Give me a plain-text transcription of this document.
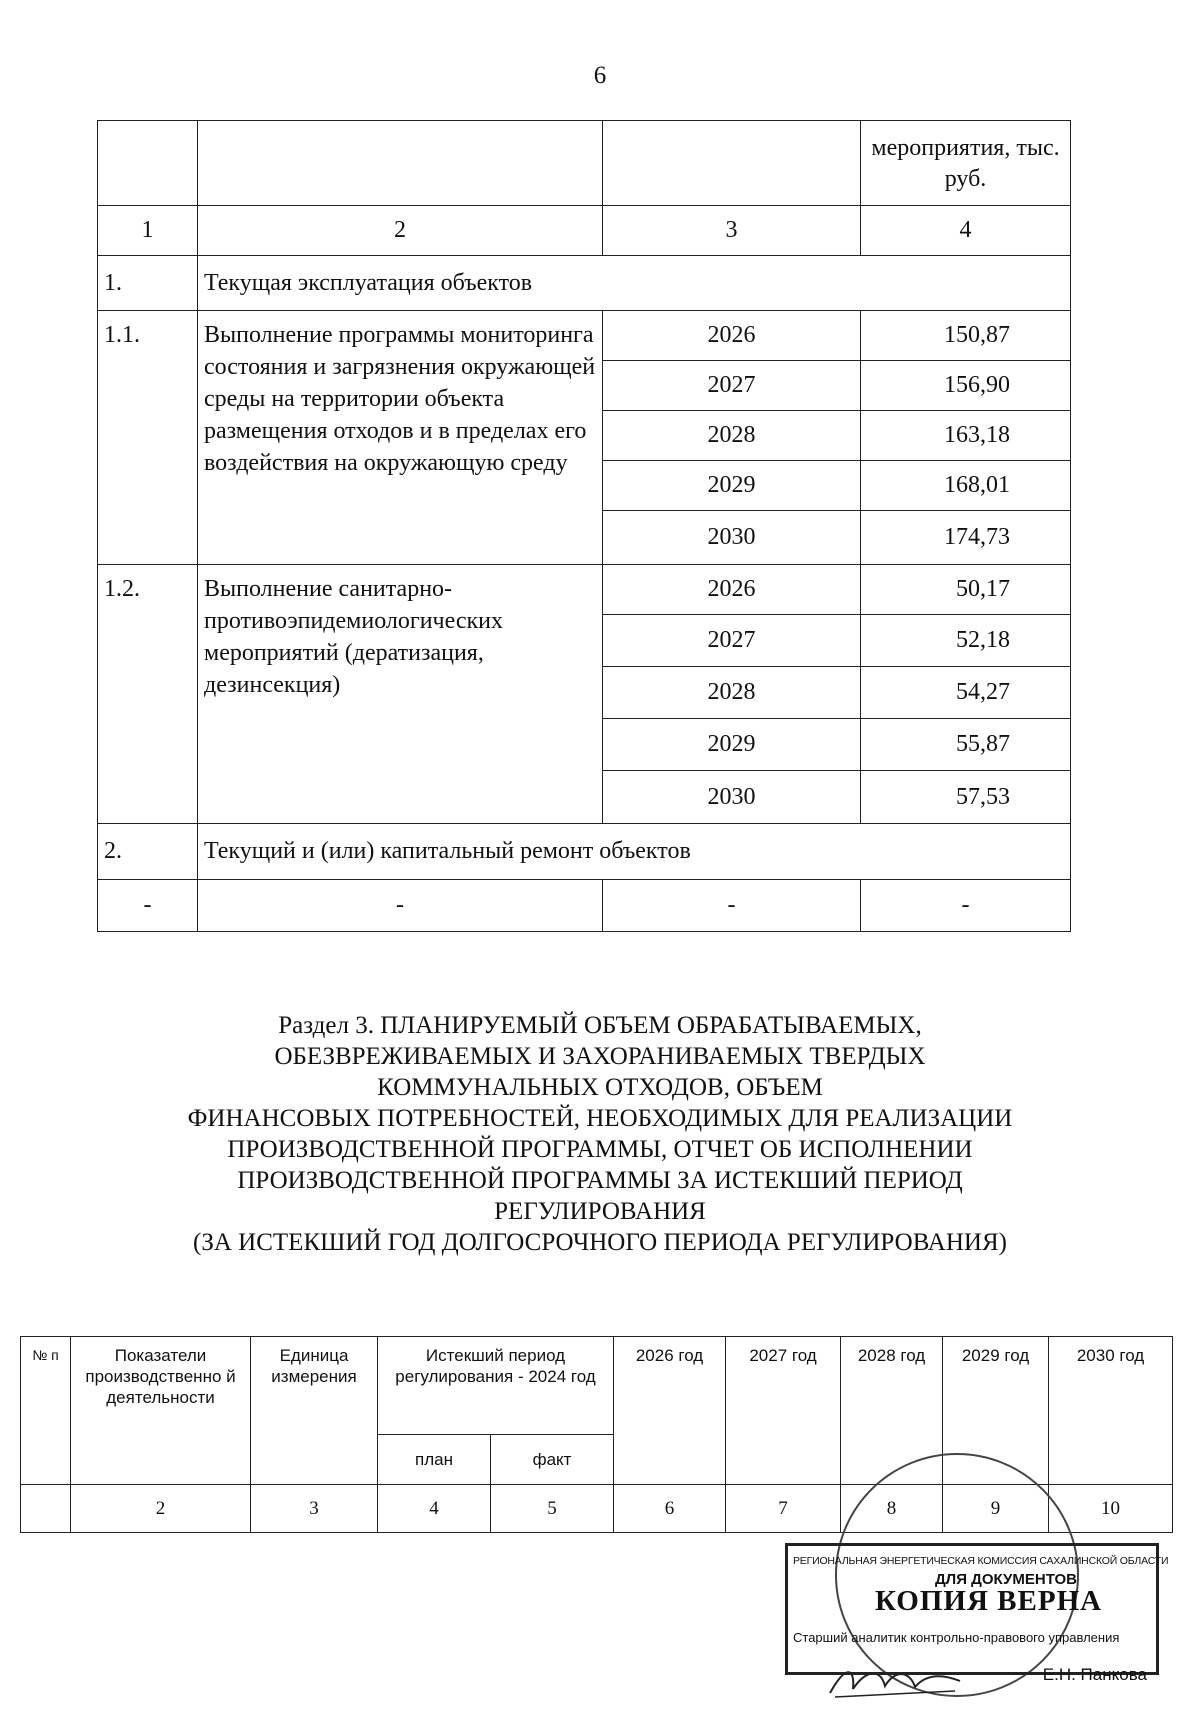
6
			мероприятия, тыс. руб.
1	2	3	4
1.	Текущая эксплуатация объектов		
1.1.	Выполнение программы мониторинга состояния и загрязнения окружающей среды на территории объекта размещения отходов и в пределах его воздействия на окружающую среду	2026	150,87
		2027	156,90
		2028	163,18
		2029	168,01
		2030	174,73
1.2.	Выполнение санитарно-противоэпидемиологических мероприятий (дератизация, дезинсекция)	2026	50,17
		2027	52,18
		2028	54,27
		2029	55,87
		2030	57,53
2.	Текущий и (или) капитальный ремонт объектов		
-	-	-	-
Раздел 3. ПЛАНИРУЕМЫЙ ОБЪЕМ ОБРАБАТЫВАЕМЫХ,
ОБЕЗВРЕЖИВАЕМЫХ И ЗАХОРАНИВАЕМЫХ ТВЕРДЫХ
КОММУНАЛЬНЫХ ОТХОДОВ, ОБЪЕМ
ФИНАНСОВЫХ ПОТРЕБНОСТЕЙ, НЕОБХОДИМЫХ ДЛЯ РЕАЛИЗАЦИИ
ПРОИЗВОДСТВЕННОЙ ПРОГРАММЫ, ОТЧЕТ ОБ ИСПОЛНЕНИИ
ПРОИЗВОДСТВЕННОЙ ПРОГРАММЫ ЗА ИСТЕКШИЙ ПЕРИОД
РЕГУЛИРОВАНИЯ
(ЗА ИСТЕКШИЙ ГОД ДОЛГОСРОЧНОГО ПЕРИОДА РЕГУЛИРОВАНИЯ)
№ п	Показатели производственно й деятельности	Единица измерения	Истекший период регулирования - 2024 год		2026 год	2027 год	2028 год	2029 год	2030 год
			план	факт					
	2	3	4	5	6	7	8	9	10
РЕГИОНАЛЬНАЯ ЭНЕРГЕТИЧЕСКАЯ КОМИССИЯ САХАЛИНСКОЙ ОБЛАСТИ
ДЛЯ ДОКУМЕНТОВ
КОПИЯ ВЕРНА
Старший аналитик контрольно-правового управления
Е.Н. Панкова
